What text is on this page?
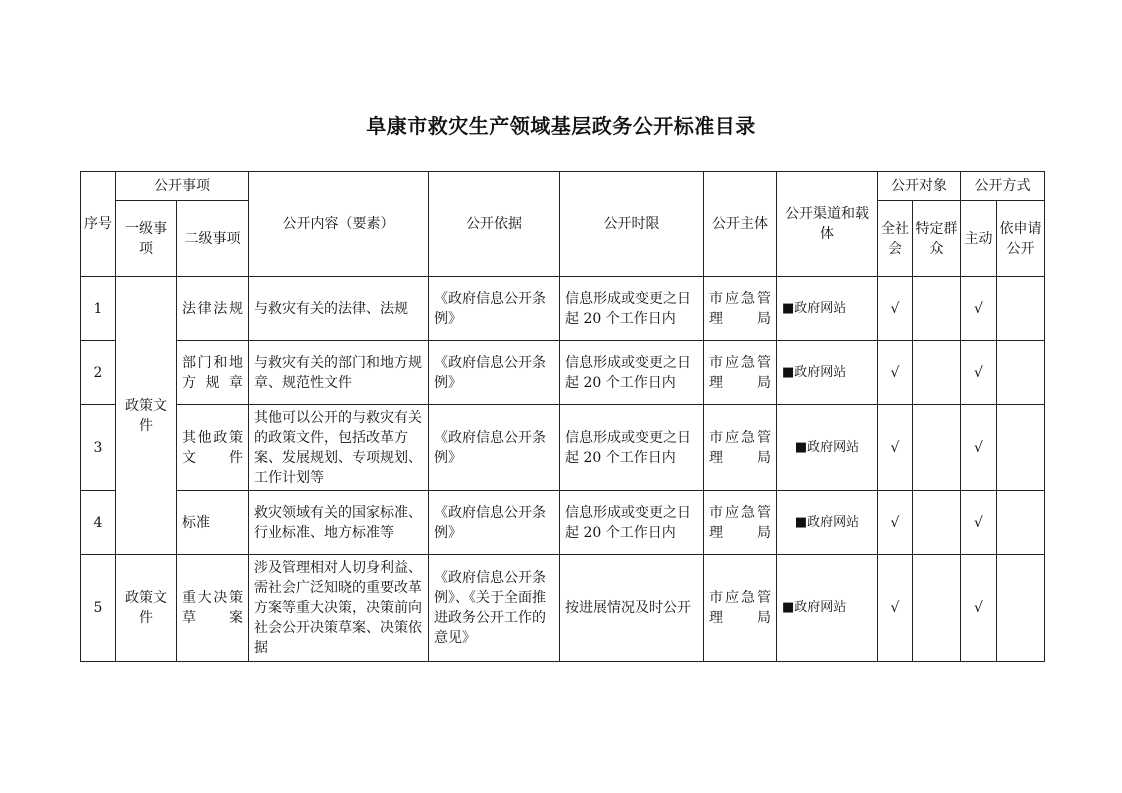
阜康市救灾生产领域基层政务公开标准目录
序号	公开事项		公开内容（要素）	公开依据	公开时限	公开主体	公开渠道和载体	公开对象		公开方式	
	一级事项	二级事项						全社会	特定群众	主动	依申请公开
1	政策文件	法律法规	与救灾有关的法律、法规	《政府信息公开条例》	信息形成或变更之日起 20 个工作日内	市应急管理局	■政府网站	√		√	
2		部门和地方规章	与救灾有关的部门和地方规章、规范性文件	《政府信息公开条例》	信息形成或变更之日起 20 个工作日内	市应急管理局	■政府网站	√		√	
3		其他政策文件	其他可以公开的与救灾有关的政策文件，包括改革方案、发展规划、专项规划、工作计划等	《政府信息公开条例》	信息形成或变更之日起 20 个工作日内	市应急管理局	■政府网站	√		√	
4		标准	救灾领域有关的国家标准、行业标准、地方标准等	《政府信息公开条例》	信息形成或变更之日起 20 个工作日内	市应急管理局	■政府网站	√		√	
5	政策文件	重大决策草案	涉及管理相对人切身利益、需社会广泛知晓的重要改革方案等重大决策，决策前向社会公开决策草案、决策依据	《政府信息公开条例》、《关于全面推进政务公开工作的意见》	按进展情况及时公开	市应急管理局	■政府网站	√		√	
